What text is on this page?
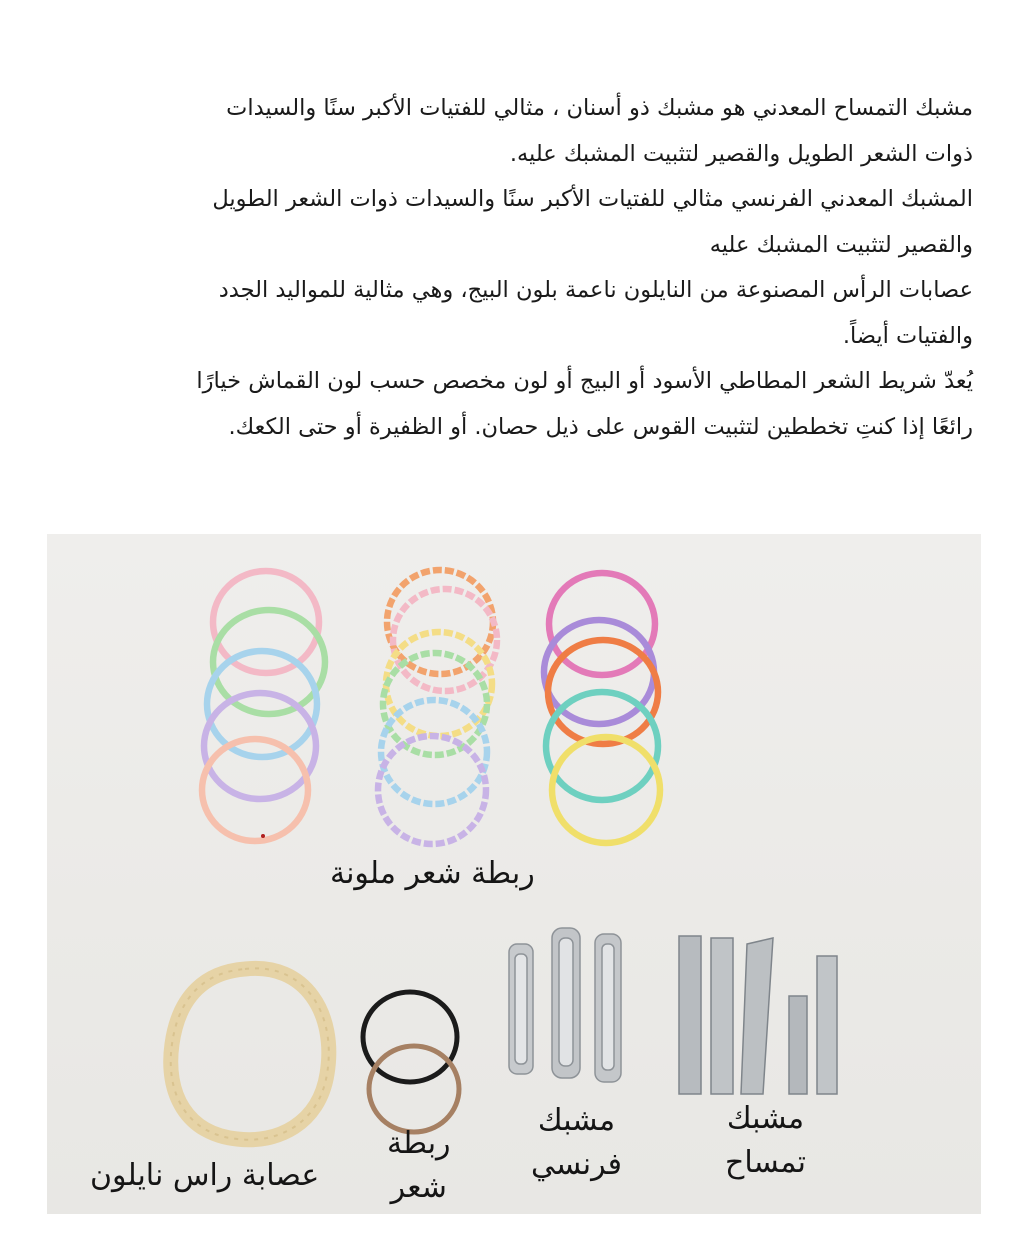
مشبك التمساح المعدني هو مشبك ذو أسنان ، مثالي للفتيات الأكبر سنًا والسيدات

ذوات الشعر الطويل والقصير لتثبيت المشبك عليه.

المشبك المعدني الفرنسي مثالي للفتيات الأكبر سنًا والسيدات ذوات الشعر الطويل

والقصير لتثبيت المشبك عليه

عصابات الرأس المصنوعة من النايلون ناعمة بلون البيج، وهي مثالية للمواليد الجدد

والفتيات أيضاً.

يُعدّ شريط الشعر المطاطي الأسود أو البيج أو لون مخصص حسب لون القماش خيارًا

رائعًا إذا كنتِ تخططين لتثبيت القوس على ذيل حصان. أو الظفيرة أو حتى الكعك.

ربطة شعر ملونة
عصابة راس نايلون
ربطة
شعر
مشبك
فرنسي
مشبك
تمساح
